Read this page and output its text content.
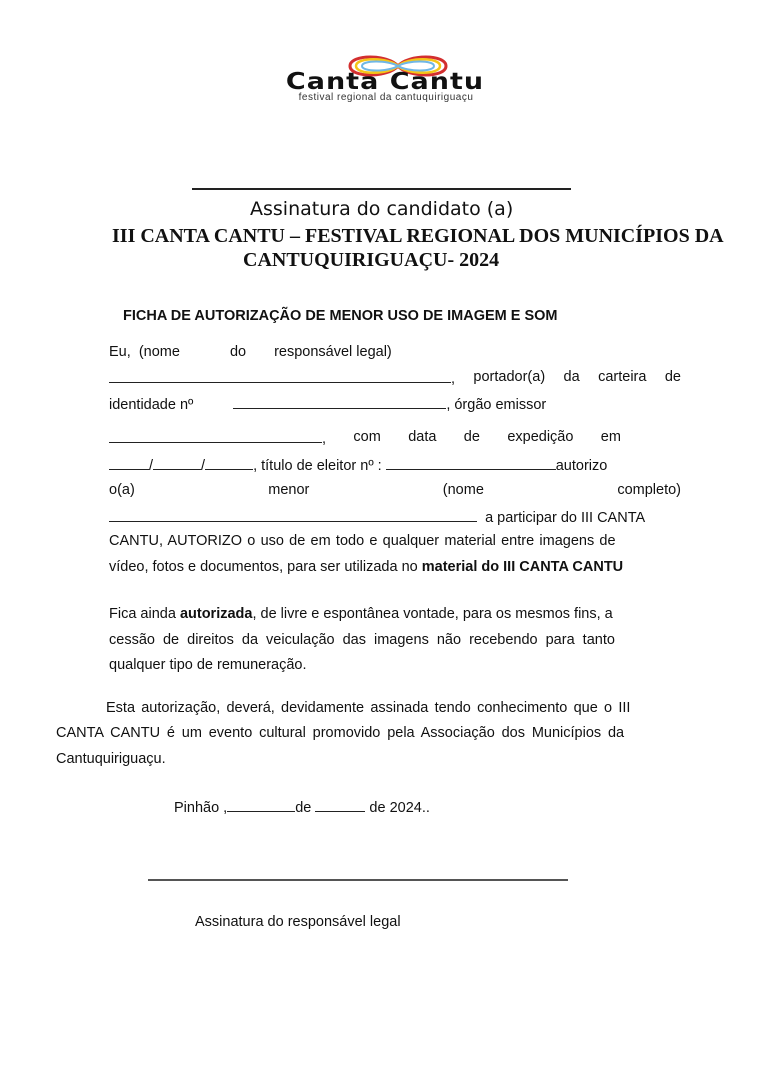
Canta Cantu
festival regional da cantuquiriguaçu
Assinatura do candidato (a)
III CANTA CANTU – FESTIVAL REGIONAL DOS MUNICÍPIOS DA
CANTUQUIRIGUAÇU- 2024
FICHA DE AUTORIZAÇÃO DE MENOR USO DE IMAGEM E SOM
Eu, (nome	do responsável legal)
, portador(a) da carteira de
identidade nº	, órgão emissor
, com data de expedição em
/	/	, título de eleitor nº :	autorizo
o(a)	menor	(nome	completo)
a participar do III CANTA
CANTU, AUTORIZO o uso de em todo e qualquer material entre imagens de
vídeo, fotos e documentos, para ser utilizada no material do III CANTA CANTU
Fica ainda autorizada, de livre e espontânea vontade, para os mesmos fins, a
cessão de direitos da veiculação das imagens não recebendo para tanto
qualquer tipo de remuneração.
Esta autorização, deverá, devidamente assinada tendo conhecimento que o III
CANTA CANTU é um evento cultural promovido pela Associação dos Municípios da
Cantuquiriguaçu.
Pinhão ,	de	de 2024..
Assinatura do responsável legal
